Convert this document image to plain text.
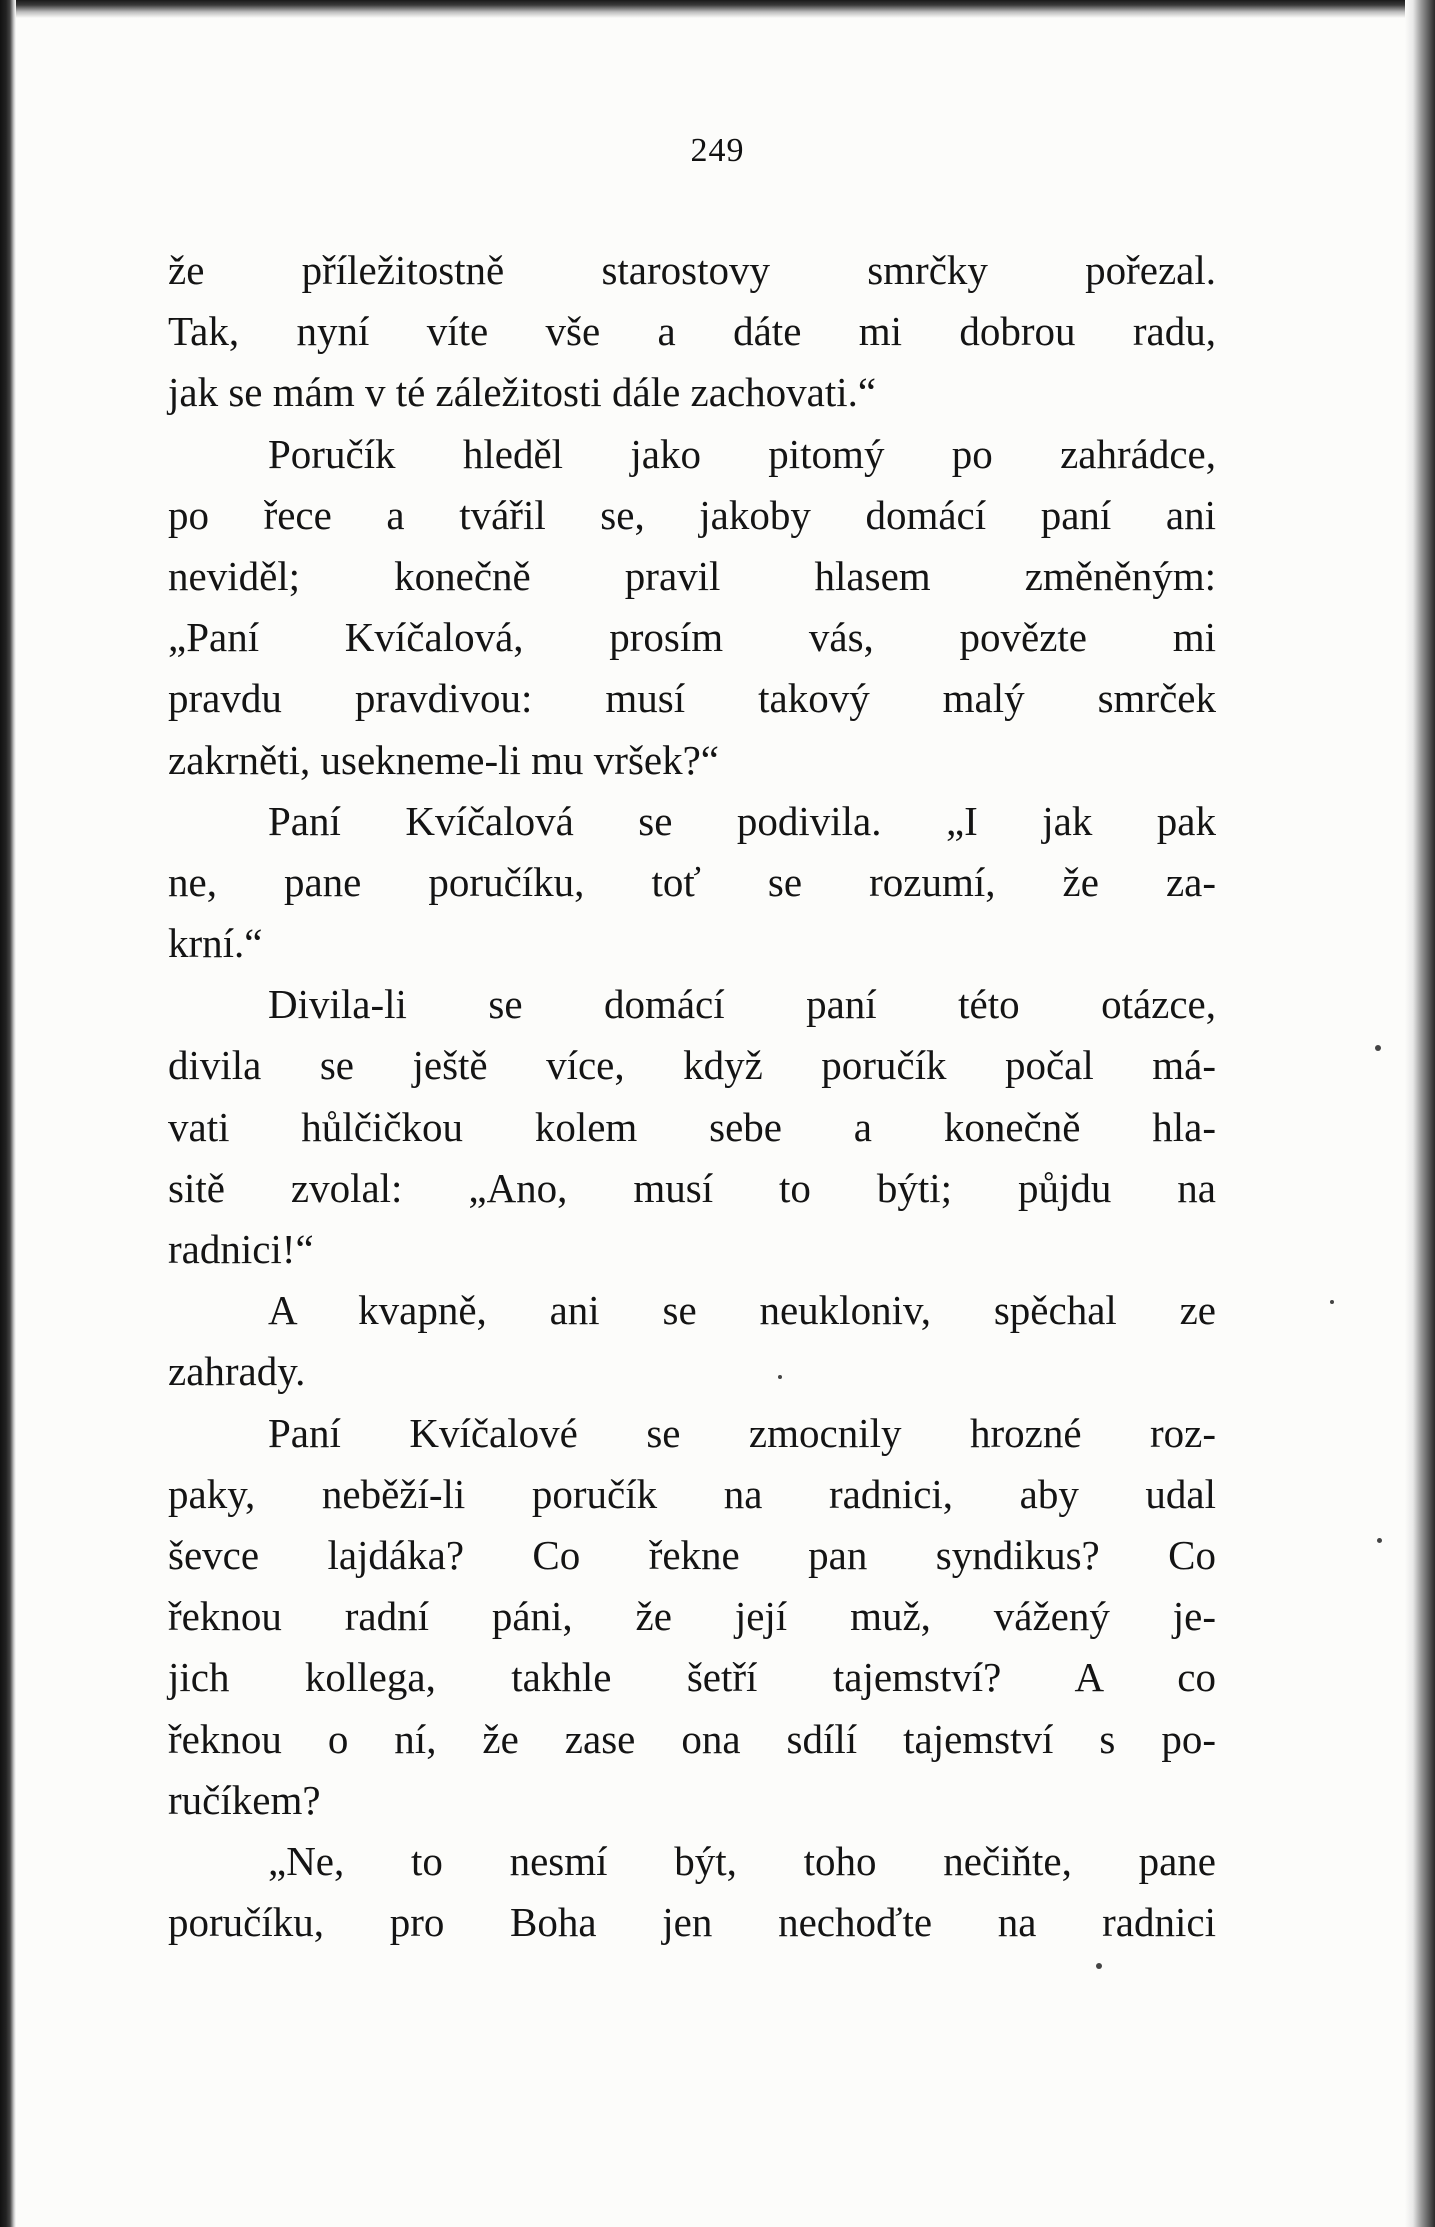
249
že příležitostně starostovy smrčky pořezal.
Tak, nyní víte vše a dáte mi dobrou radu,
jak se mám v té záležitosti dále zachovati.“
Poručík hleděl jako pitomý po zahrádce,
po řece a tvářil se, jakoby domácí paní ani
neviděl; konečně pravil hlasem změněným:
„Paní Kvíčalová, prosím vás, povězte mi
pravdu pravdivou: musí takový malý smrček
zakrněti, usekneme-li mu vršek?“
Paní Kvíčalová se podivila. „I jak pak
ne, pane poručíku, toť se rozumí, že za-
krní.“
Divila-li se domácí paní této otázce,
divila se ještě více, když poručík počal má-
vati hůlčičkou kolem sebe a konečně hla-
sitě zvolal: „Ano, musí to býti; půjdu na
radnici!“
A kvapně, ani se neukloniv, spěchal ze
zahrady.
Paní Kvíčalové se zmocnily hrozné roz-
paky, neběží-li poručík na radnici, aby udal
ševce lajdáka? Co řekne pan syndikus? Co
řeknou radní páni, že její muž, vážený je-
jich kollega, takhle šetří tajemství? A co
řeknou o ní, že zase ona sdílí tajemství s po-
ručíkem?
„Ne, to nesmí být, toho nečiňte, pane
poručíku, pro Boha jen nechoďte na radnici
